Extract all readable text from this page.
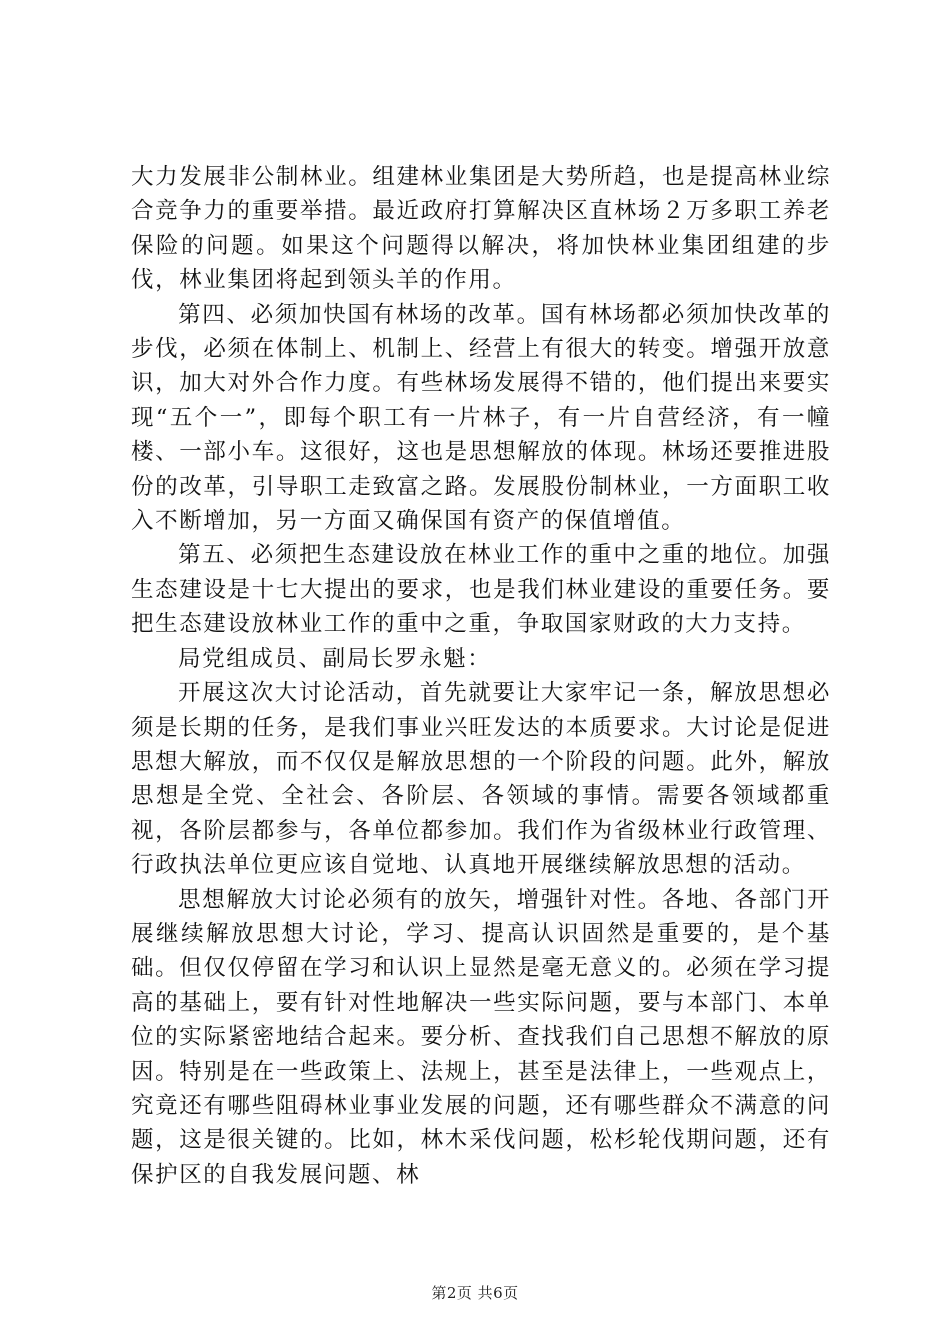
大力发展非公制林业。组建林业集团是大势所趋，也是提高林业综合竞争力的重要举措。最近政府打算解决区直林场２万多职工养老保险的问题。如果这个问题得以解决，将加快林业集团组建的步伐，林业集团将起到领头羊的作用。

第四、必须加快国有林场的改革。国有林场都必须加快改革的步伐，必须在体制上、机制上、经营上有很大的转变。增强开放意识，加大对外合作力度。有些林场发展得不错的，他们提出来要实现“五个一”，即每个职工有一片林子，有一片自营经济，有一幢楼、一部小车。这很好，这也是思想解放的体现。林场还要推进股份的改革，引导职工走致富之路。发展股份制林业，一方面职工收入不断增加，另一方面又确保国有资产的保值增值。

第五、必须把生态建设放在林业工作的重中之重的地位。加强生态建设是十七大提出的要求，也是我们林业建设的重要任务。要把生态建设放林业工作的重中之重，争取国家财政的大力支持。

局党组成员、副局长罗永魁：

开展这次大讨论活动，首先就要让大家牢记一条，解放思想必须是长期的任务，是我们事业兴旺发达的本质要求。大讨论是促进思想大解放，而不仅仅是解放思想的一个阶段的问题。此外，解放思想是全党、全社会、各阶层、各领域的事情。需要各领域都重视，各阶层都参与，各单位都参加。我们作为省级林业行政管理、行政执法单位更应该自觉地、认真地开展继续解放思想的活动。

思想解放大讨论必须有的放矢，增强针对性。各地、各部门开展继续解放思想大讨论，学习、提高认识固然是重要的，是个基础。但仅仅停留在学习和认识上显然是毫无意义的。必须在学习提高的基础上，要有针对性地解决一些实际问题，要与本部门、本单位的实际紧密地结合起来。要分析、查找我们自己思想不解放的原因。特别是在一些政策上、法规上，甚至是法律上，一些观点上，究竟还有哪些阻碍林业事业发展的问题，还有哪些群众不满意的问题，这是很关键的。比如，林木采伐问题，松杉轮伐期问题，还有保护区的自我发展问题、林

第2页 共6页
